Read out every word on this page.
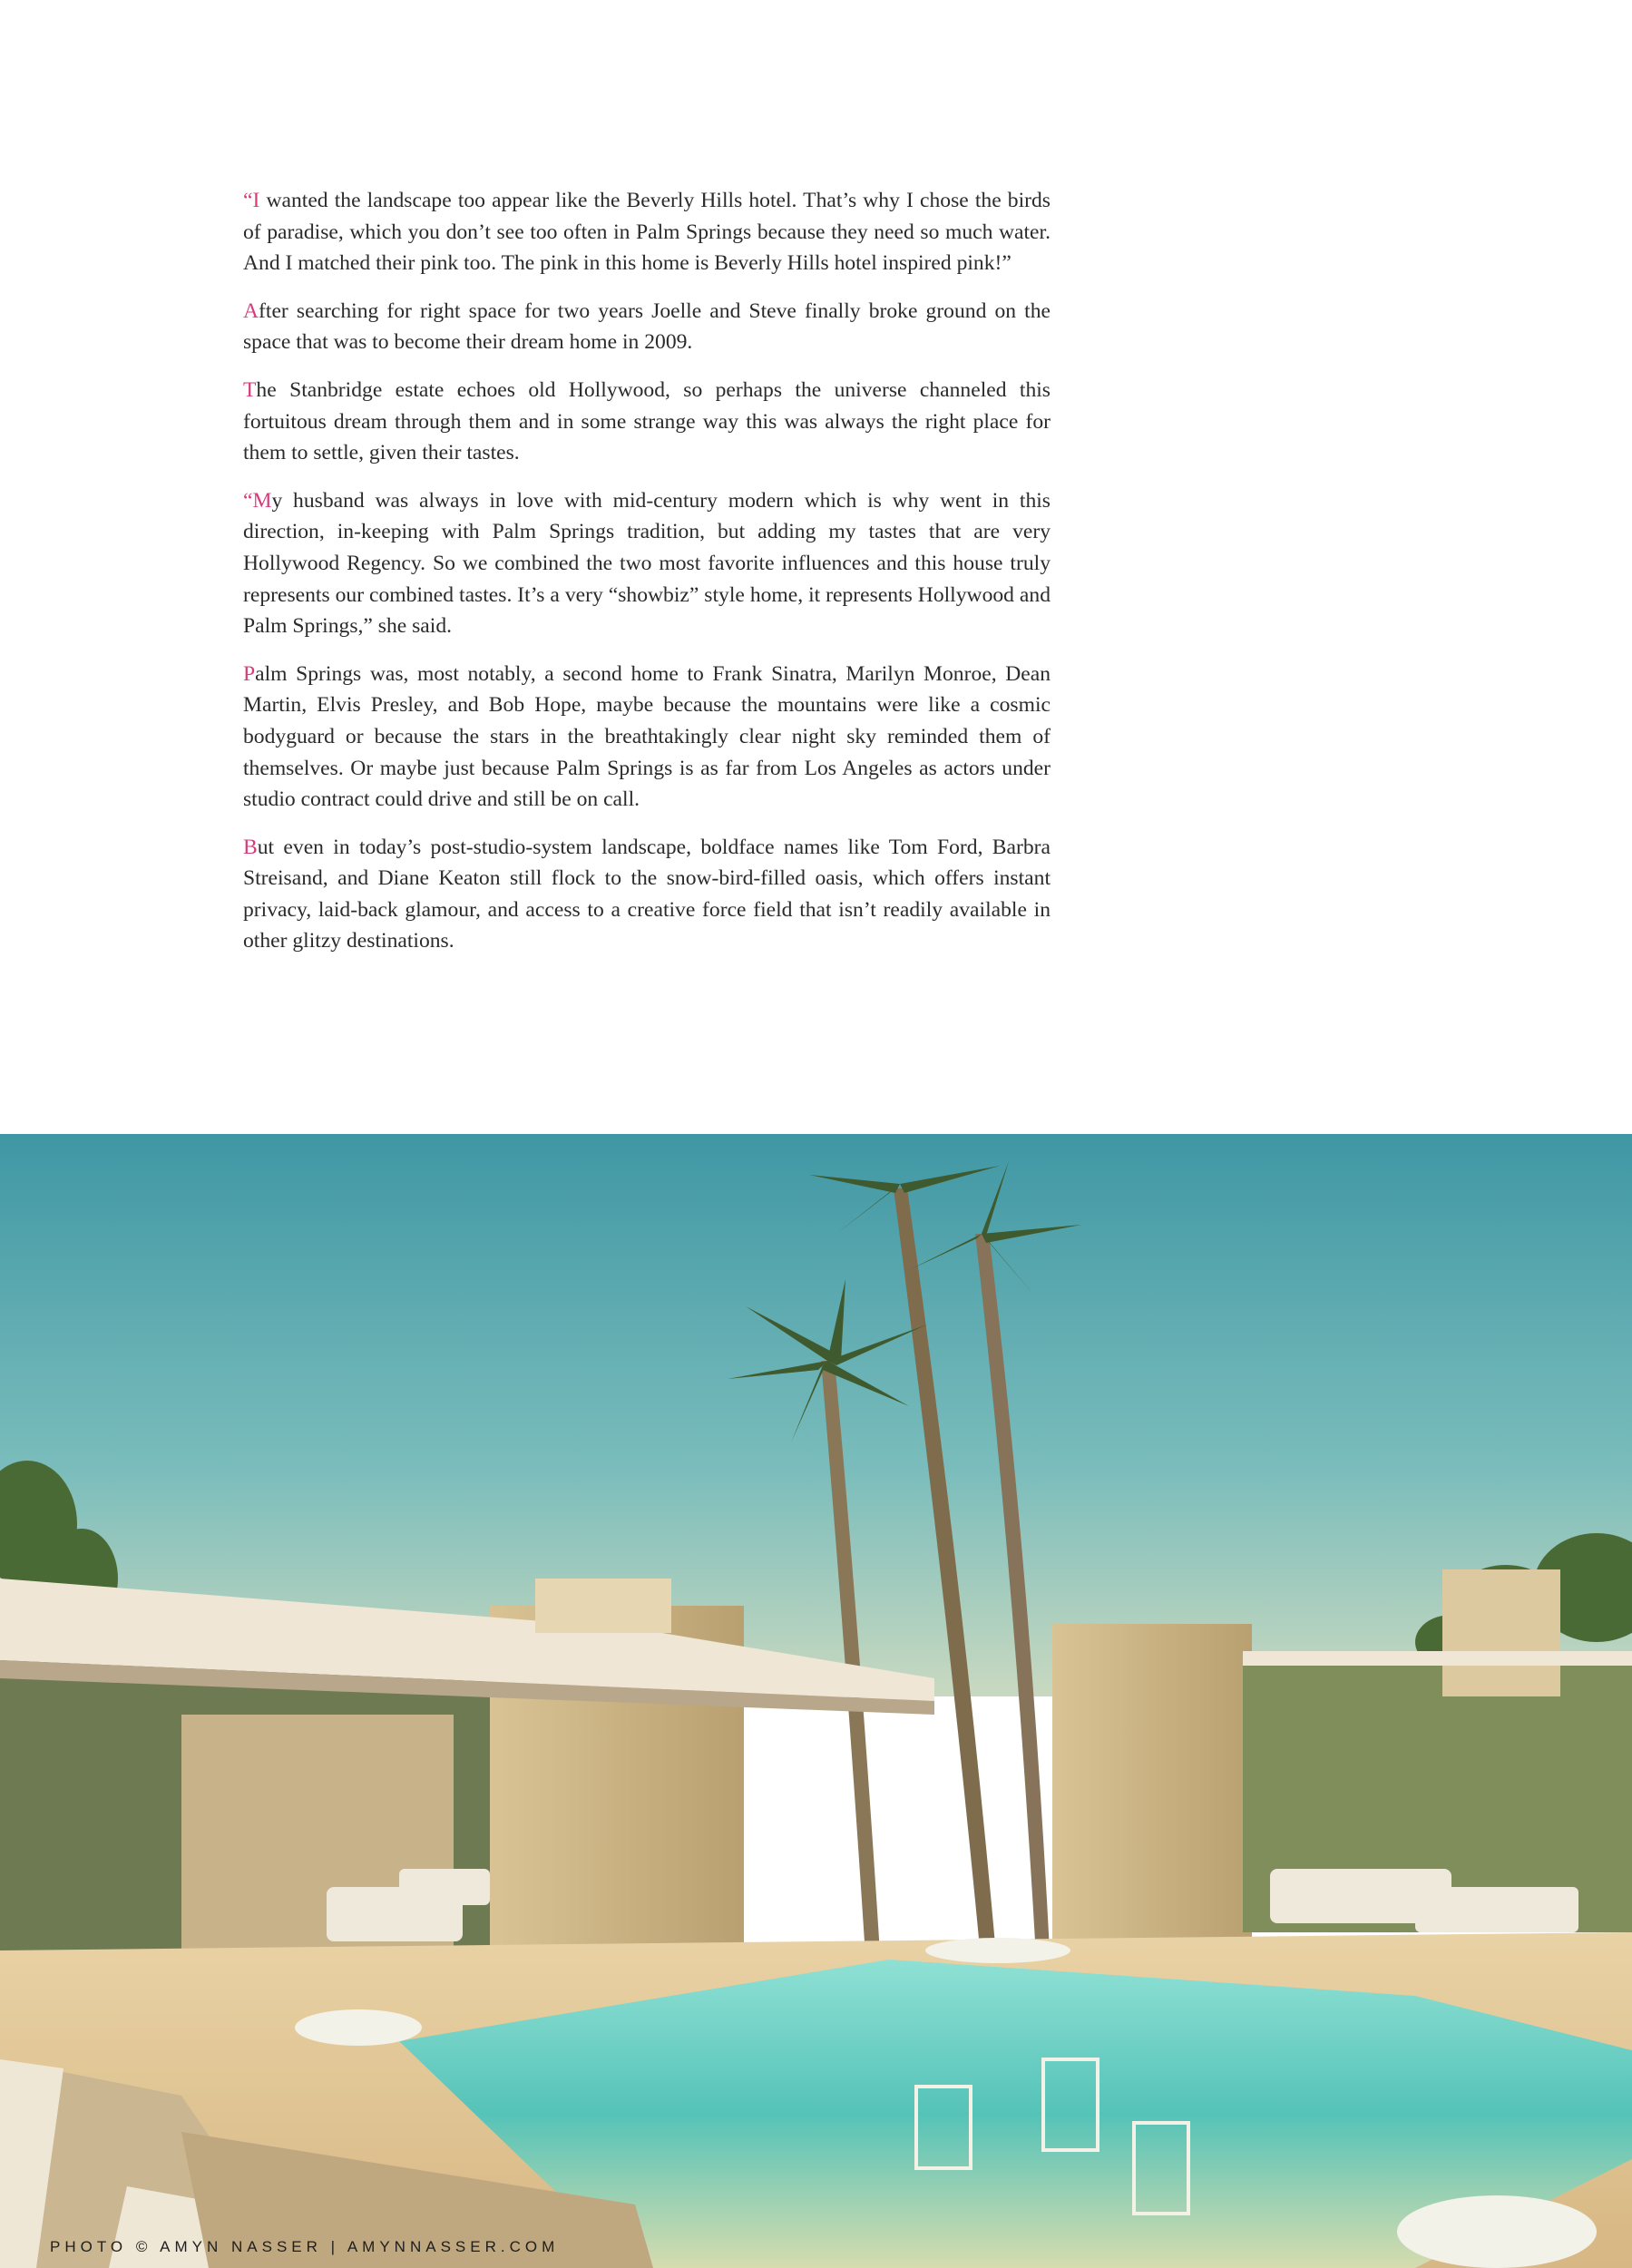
“I wanted the landscape too appear like the Beverly Hills hotel. That’s why I chose the birds of paradise, which you don’t see too often in Palm Springs because they need so much water. And I matched their pink too. The pink in this home is Beverly Hills hotel inspired pink!”

After searching for right space for two years Joelle and Steve finally broke ground on the space that was to become their dream home in 2009.

The Stanbridge estate echoes old Hollywood, so perhaps the universe channeled this fortuitous dream through them and in some strange way this was always the right place for them to settle, given their tastes.

“My husband was always in love with mid-century modern which is why went in this direction, in-keeping with Palm Springs tradition, but adding my tastes that are very Hollywood Regency. So we combined the two most favorite influences and this house truly represents our combined tastes. It’s a very “showbiz” style home, it represents Hollywood and Palm Springs,” she said.

Palm Springs was, most notably, a second home to Frank Sinatra, Marilyn Monroe, Dean Martin, Elvis Presley, and Bob Hope, maybe because the mountains were like a cosmic bodyguard or because the stars in the breathtakingly clear night sky reminded them of themselves. Or maybe just because Palm Springs is as far from Los Angeles as actors under studio contract could drive and still be on call.

But even in today’s post-studio-system landscape, boldface names like Tom Ford, Barbra Streisand, and Diane Keaton still flock to the snow-bird-filled oasis, which offers instant privacy, laid-back glamour, and access to a creative force field that isn’t readily available in other glitzy destinations.

PHOTO © AMYN NASSER | AMYNNASSER.COM
